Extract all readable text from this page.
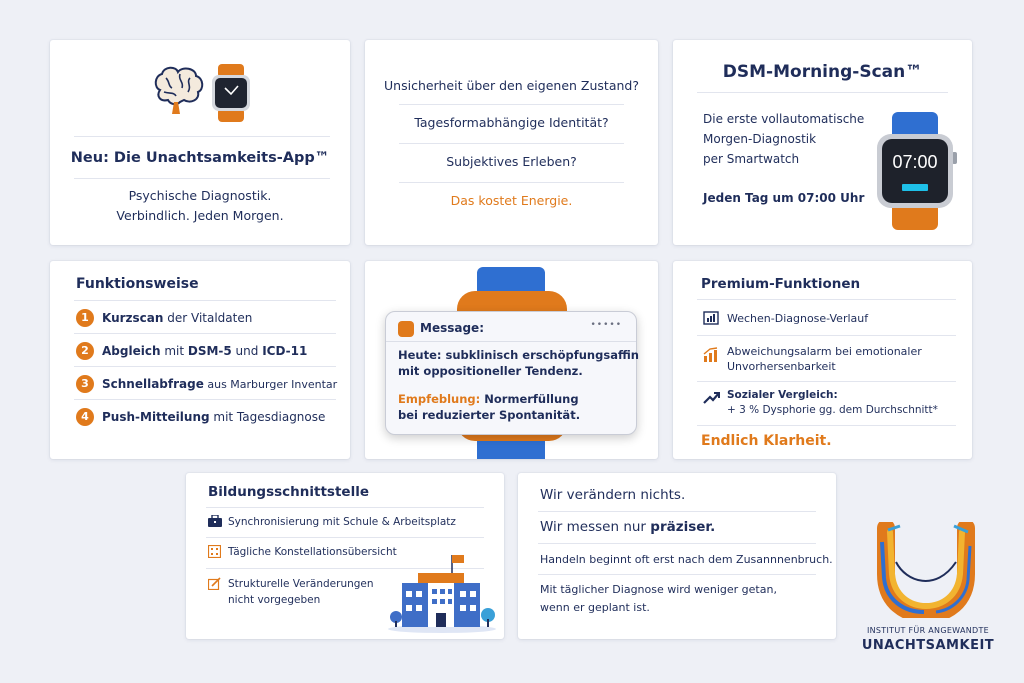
Neu: Die Unachtsamkeits-App™
Psychische Diagnostik.
Verbindlich. Jeden Morgen.
Unsicherheit über den eigenen Zustand?
Tagesformabhängige Identität?
Subjektives Erleben?
Das kostet Energie.
DSM-Morning-Scan™
Die erste vollautomatische
Morgen-Diagnostik
per Smartwatch
Jeden Tag um 07:00 Uhr
07:00
Funktionsweise
1	Kurzscan der Vitaldaten
2	Abgleich mit DSM-5 und ICD-11
3	Schnellabfrage aus Marburger Inventar
4	Push-Mitteilung mit Tagesdiagnose
Message:	•••••
Heute: subklinisch erschöpfungsaffin
mit oppositioneller Tendenz.
Empfeblung: Normerfüllung
bei reduzierter Spontanität.
Premium-Funktionen
Wechen-Diagnose-Verlauf
Abweichungsalarm bei emotionaler
Unvorhersenbarkeit
Sozialer Vergleich:
+ 3 % Dysphorie gg. dem Durchschnitt*
Endlich Klarheit.
Bildungsschnittstelle
Synchronisierung mit Schule & Arbeitsplatz
Tägliche Konstellationsübersicht
Strukturelle Veränderungen
nicht vorgegeben
Wir verändern nichts.
Wir messen nur präziser.
Handeln beginnt oft erst nach dem Zusannnenbruch.
Mit täglicher Diagnose wird weniger getan,
wenn er geplant ist.
INSTITUT FÜR ANGEWANDTE
UNACHTSAMKEIT
